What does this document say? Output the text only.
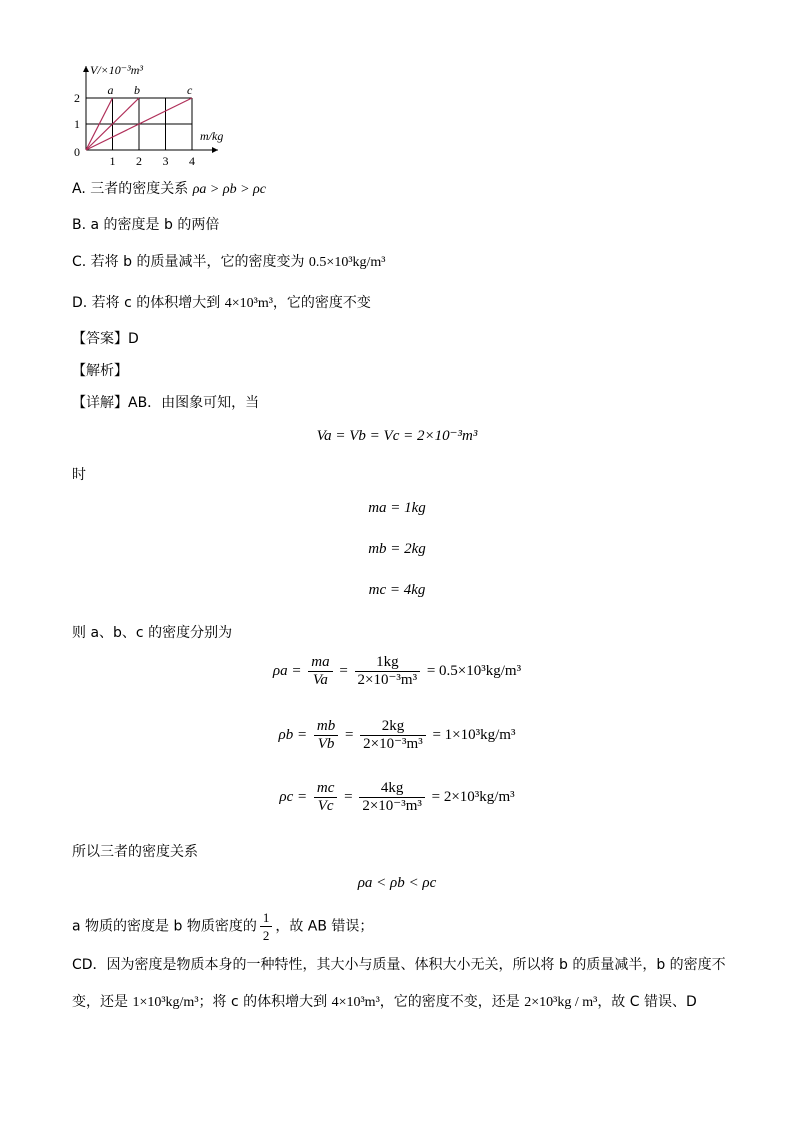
1 2 3 4
1
2
a b	c
V/×10⁻³m³
m/kg
0
A. 三者的密度关系 ρa > ρb > ρc
B. a 的密度是 b 的两倍
C. 若将 b 的质量减半，它的密度变为 0.5×10³kg/m³
D. 若将 c 的体积增大到 4×10³m³，它的密度不变
【答案】D
【解析】
【详解】AB．由图象可知，当
Va = Vb = Vc = 2×10⁻³m³
时
ma = 1kg
mb = 2kg
mc = 4kg
则 a、b、c 的密度分别为
$\rho a = \frac{ma}{Va} = \frac{1kg}{\text{2×10⁻³m³}} = 0.5\times 10^3kg/m^3$
$\rho b = \frac{mb}{Vb} = \frac{2kg}{\text{2×10⁻³m³}} = 1\times 10^3kg/m^3$
$\rho c = \frac{mc}{Vc} = \frac{4kg}{\text{2×10⁻³m³}} = 2\times 10^3kg/m^3$
所以三者的密度关系
ρa < ρb < ρc
a 物质的密度是 b 物质密度的 $\frac{1}{2}$ ，故 AB 错误；
CD．因为密度是物质本身的一种特性，其大小与质量、体积大小无关，所以将 b 的质量减半，b 的密度不
变，还是 1×10³kg/m³；将 c 的体积增大到 4×10³m³，它的密度不变，还是 2×10³kg / m³，故 C 错误、D
